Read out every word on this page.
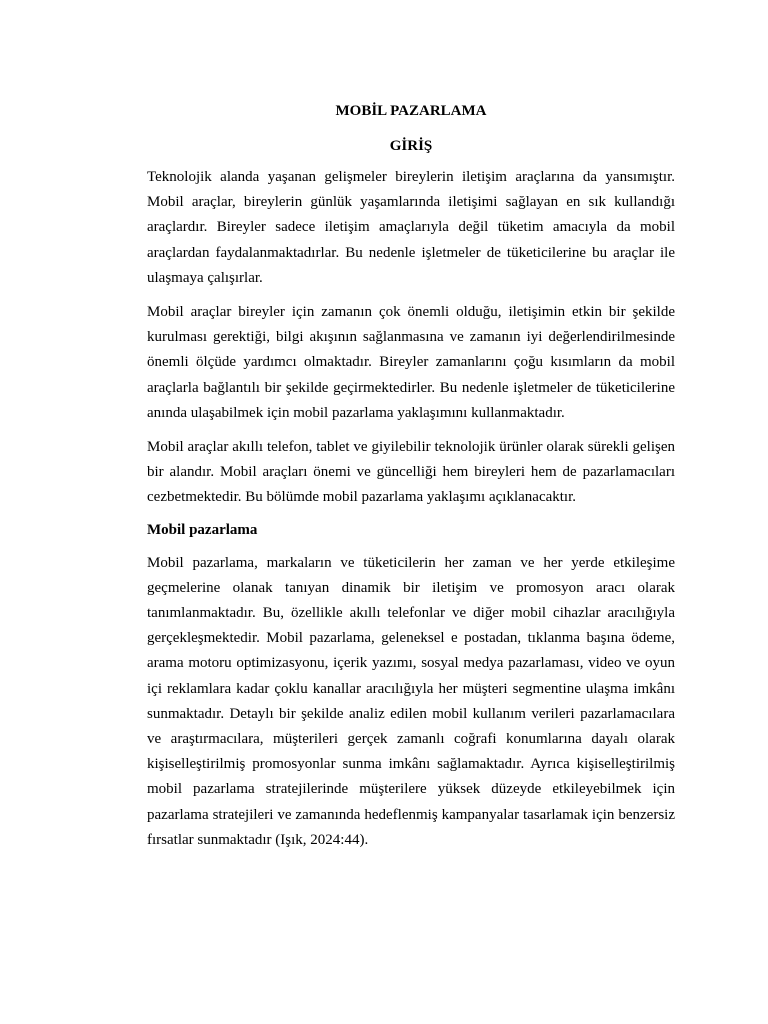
MOBİL PAZARLAMA

GİRİŞ

Teknolojik alanda yaşanan gelişmeler bireylerin iletişim araçlarına da yansımıştır. Mobil araçlar, bireylerin günlük yaşamlarında iletişimi sağlayan en sık kullandığı araçlardır. Bireyler sadece iletişim amaçlarıyla değil tüketim amacıyla da mobil araçlardan faydalanmaktadırlar. Bu nedenle işletmeler de tüketicilerine bu araçlar ile ulaşmaya çalışırlar.

Mobil araçlar bireyler için zamanın çok önemli olduğu, iletişimin etkin bir şekilde kurulması gerektiği, bilgi akışının sağlanmasına ve zamanın iyi değerlendirilmesinde önemli ölçüde yardımcı olmaktadır. Bireyler zamanlarını çoğu kısımların da mobil araçlarla bağlantılı bir şekilde geçirmektedirler. Bu nedenle işletmeler de tüketicilerine anında ulaşabilmek için mobil pazarlama yaklaşımını kullanmaktadır.

Mobil araçlar akıllı telefon, tablet ve giyilebilir teknolojik ürünler olarak sürekli gelişen bir alandır. Mobil araçları önemi ve güncelliği hem bireyleri hem de pazarlamacıları cezbetmektedir. Bu bölümde mobil pazarlama yaklaşımı açıklanacaktır.

Mobil pazarlama

Mobil pazarlama, markaların ve tüketicilerin her zaman ve her yerde etkileşime geçmelerine olanak tanıyan dinamik bir iletişim ve promosyon aracı olarak tanımlanmaktadır. Bu, özellikle akıllı telefonlar ve diğer mobil cihazlar aracılığıyla gerçekleşmektedir. Mobil pazarlama, geleneksel e postadan, tıklanma başına ödeme, arama motoru optimizasyonu, içerik yazımı, sosyal medya pazarlaması, video ve oyun içi reklamlara kadar çoklu kanallar aracılığıyla her müşteri segmentine ulaşma imkânı sunmaktadır. Detaylı bir şekilde analiz edilen mobil kullanım verileri pazarlamacılara ve araştırmacılara, müşterileri gerçek zamanlı coğrafi konumlarına dayalı olarak kişiselleştirilmiş promosyonlar sunma imkânı sağlamaktadır. Ayrıca kişiselleştirilmiş mobil pazarlama stratejilerinde müşterilere yüksek düzeyde etkileyebilmek için pazarlama stratejileri ve zamanında hedeflenmiş kampanyalar tasarlamak için benzersiz fırsatlar sunmaktadır (Işık, 2024:44).
